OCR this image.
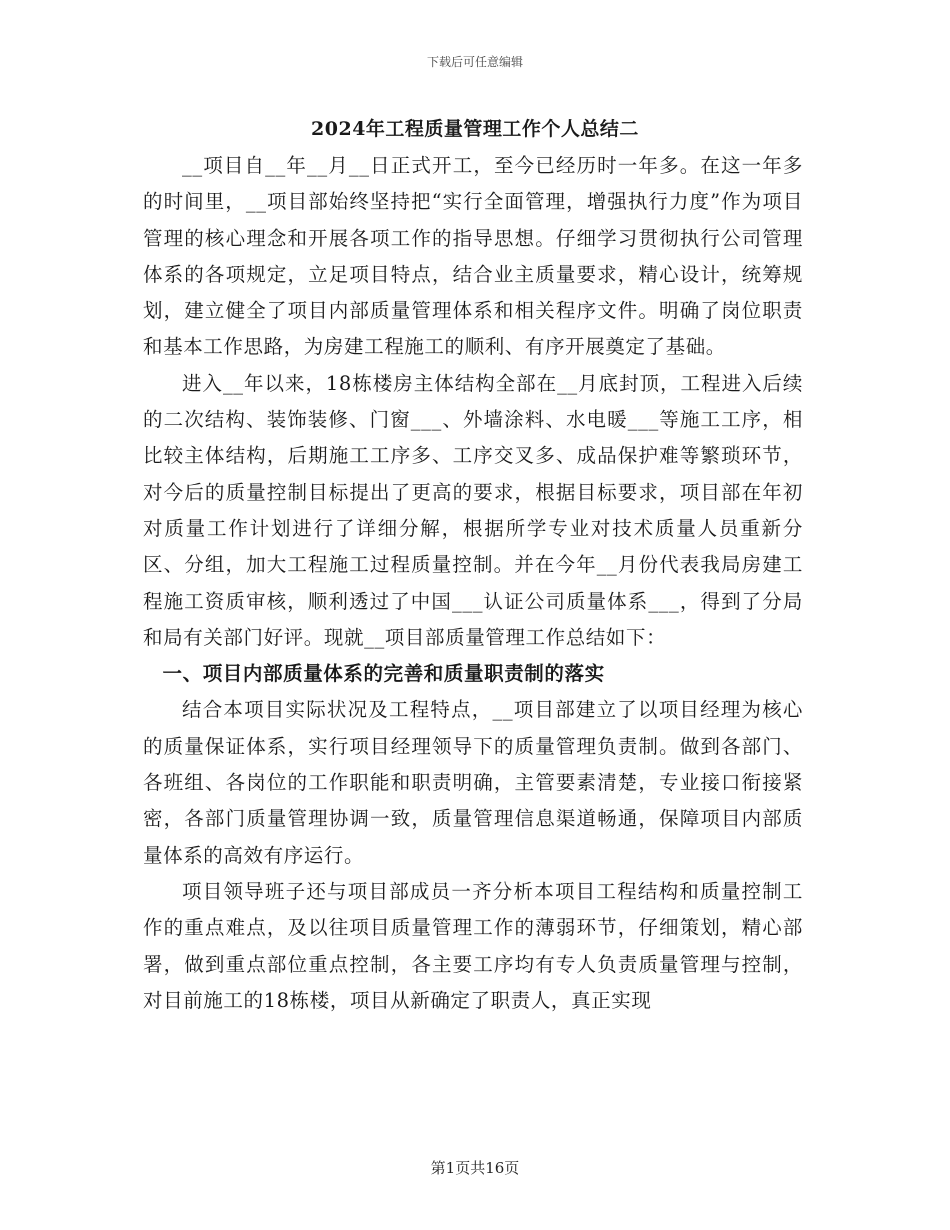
下载后可任意编辑
2024年工程质量管理工作个人总结二

__项目自__年__月__日正式开工，至今已经历时一年多。在这一年多的时间里，__项目部始终坚持把“实行全面管理，增强执行力度”作为项目管理的核心理念和开展各项工作的指导思想。仔细学习贯彻执行公司管理体系的各项规定，立足项目特点，结合业主质量要求，精心设计，统筹规划，建立健全了项目内部质量管理体系和相关程序文件。明确了岗位职责和基本工作思路，为房建工程施工的顺利、有序开展奠定了基础。

进入__年以来，18栋楼房主体结构全部在__月底封顶，工程进入后续的二次结构、装饰装修、门窗___、外墙涂料、水电暖___等施工工序，相比较主体结构，后期施工工序多、工序交叉多、成品保护难等繁琐环节，对今后的质量控制目标提出了更高的要求，根据目标要求，项目部在年初对质量工作计划进行了详细分解，根据所学专业对技术质量人员重新分区、分组，加大工程施工过程质量控制。并在今年__月份代表我局房建工程施工资质审核，顺利透过了中国___认证公司质量体系___，得到了分局和局有关部门好评。现就__项目部质量管理工作总结如下：

一、项目内部质量体系的完善和质量职责制的落实

结合本项目实际状况及工程特点，__项目部建立了以项目经理为核心的质量保证体系，实行项目经理领导下的质量管理负责制。做到各部门、各班组、各岗位的工作职能和职责明确，主管要素清楚，专业接口衔接紧密，各部门质量管理协调一致，质量管理信息渠道畅通，保障项目内部质量体系的高效有序运行。

项目领导班子还与项目部成员一齐分析本项目工程结构和质量控制工作的重点难点，及以往项目质量管理工作的薄弱环节，仔细策划，精心部署，做到重点部位重点控制，各主要工序均有专人负责质量管理与控制，对目前施工的18栋楼，项目从新确定了职责人，真正实现

第1页共16页
